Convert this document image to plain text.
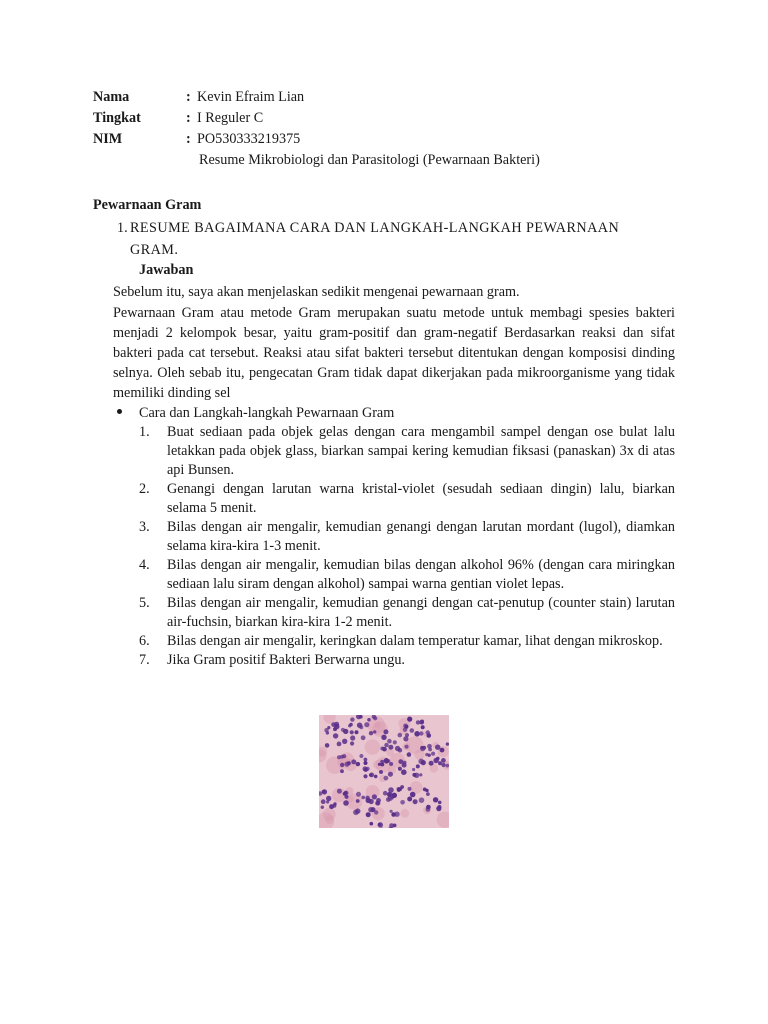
Nama	: Kevin Efraim Lian
Tingkat	: I Reguler C
NIM	: PO530333219375
Resume Mikrobiologi dan Parasitologi (Pewarnaan Bakteri)
Pewarnaan Gram
1. RESUME BAGAIMANA CARA DAN LANGKAH-LANGKAH PEWARNAAN
GRAM.
Jawaban

Sebelum itu, saya akan menjelaskan sedikit mengenai pewarnaan gram.

Pewarnaan Gram atau metode Gram merupakan suatu metode untuk membagi spesies bakteri menjadi 2 kelompok besar, yaitu gram-positif dan gram-negatif Berdasarkan reaksi dan sifat bakteri pada cat tersebut. Reaksi atau sifat bakteri tersebut ditentukan dengan komposisi dinding selnya. Oleh sebab itu, pengecatan Gram tidak dapat dikerjakan pada mikroorganisme yang tidak memiliki dinding sel

Cara dan Langkah-langkah Pewarnaan Gram
1.	Buat sediaan pada objek gelas dengan cara mengambil sampel dengan ose bulat lalu letakkan pada objek glass, biarkan sampai kering kemudian fiksasi (panaskan) 3x di atas api Bunsen.
2.	Genangi dengan larutan warna kristal-violet (sesudah sediaan dingin) lalu, biarkan selama 5 menit.
3.	Bilas dengan air mengalir, kemudian genangi dengan larutan mordant (lugol), diamkan selama kira-kira 1-3 menit.
4.	Bilas dengan air mengalir, kemudian bilas dengan alkohol 96% (dengan cara miringkan sediaan lalu siram dengan alkohol) sampai warna gentian violet lepas.
5.	Bilas dengan air mengalir, kemudian genangi dengan cat-penutup (counter stain) larutan air-fuchsin, biarkan kira-kira 1-2 menit.
6.	Bilas dengan air mengalir, keringkan dalam temperatur kamar, lihat dengan mikroskop.
7.	Jika Gram positif Bakteri Berwarna ungu.
